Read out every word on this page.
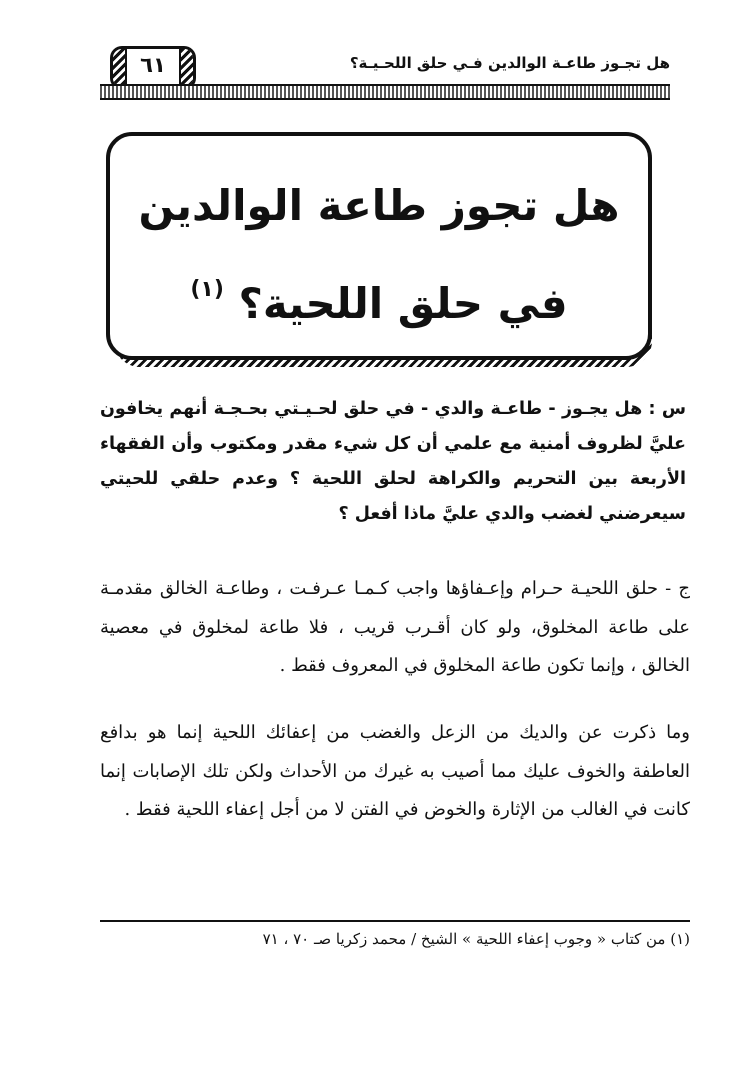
٦١	هل تجـوز طاعـة الوالدين فـي حلق اللحـيـة؟
هل تجوز طاعة الوالدين
في حلق اللحية؟ $^{(١)}$
س : هل يجـوز - طاعـة والدي - في حلق لحـيـتي بحـجـة أنهم يخافون عليَّ لظروف أمنية مع علمي أن كل شيء مقدر ومكتوب وأن الفقهاء الأربعة بين التحريم والكراهة لحلق اللحية ؟ وعدم حلقي للحيتي سيعرضني لغضب والدي عليَّ ماذا أفعل ؟
ج - حلق اللحيـة حـرام وإعـفاؤها واجب كـمـا عـرفـت ، وطاعـة الخالق مقدمـة على طاعة المخلوق، ولو كان أقـرب قريب ، فلا طاعة لمخلوق في معصية الخالق ، وإنما تكون طاعة المخلوق في المعروف فقط .
وما ذكرت عن والديك من الزعل والغضب من إعفائك اللحية إنما هو بدافع العاطفة والخوف عليك مما أصيب به غيرك من الأحداث ولكن تلك الإصابات إنما كانت في الغالب من الإثارة والخوض في الفتن لا من أجل إعفاء اللحية فقط .
(١) من كتاب « وجوب إعفاء اللحية » الشيخ / محمد زكريا صـ ٧٠ ، ٧١
